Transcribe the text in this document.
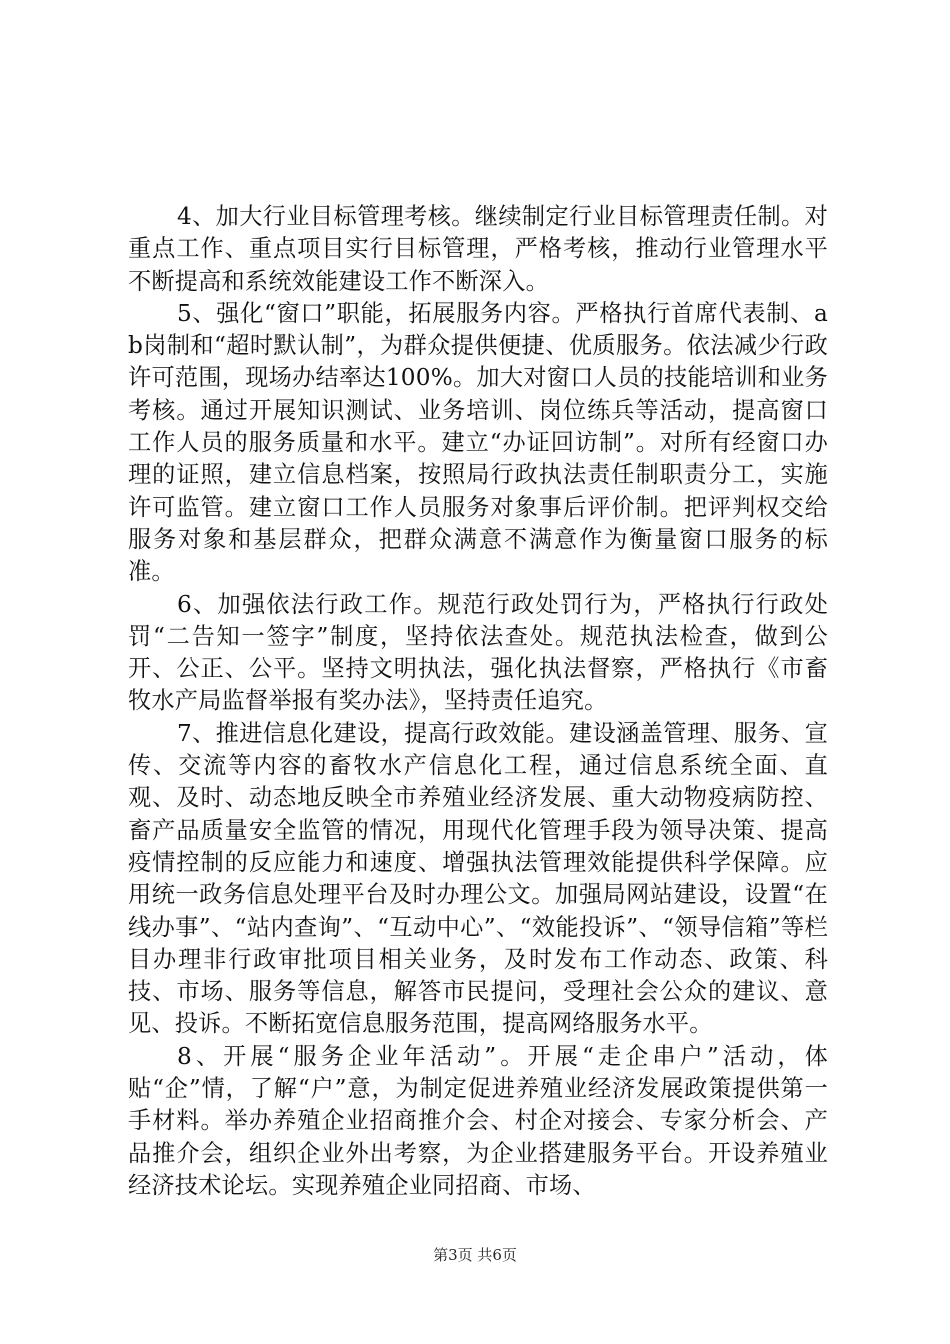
4、加大行业目标管理考核。继续制定行业目标管理责任制。对重点工作、重点项目实行目标管理，严格考核，推动行业管理水平不断提高和系统效能建设工作不断深入。

5、强化“窗口”职能，拓展服务内容。严格执行首席代表制、ab岗制和“超时默认制”，为群众提供便捷、优质服务。依法减少行政许可范围，现场办结率达100%。加大对窗口人员的技能培训和业务考核。通过开展知识测试、业务培训、岗位练兵等活动，提高窗口工作人员的服务质量和水平。建立“办证回访制”。对所有经窗口办理的证照，建立信息档案，按照局行政执法责任制职责分工，实施许可监管。建立窗口工作人员服务对象事后评价制。把评判权交给服务对象和基层群众，把群众满意不满意作为衡量窗口服务的标准。

6、加强依法行政工作。规范行政处罚行为，严格执行行政处罚“二告知一签字”制度，坚持依法查处。规范执法检查，做到公开、公正、公平。坚持文明执法，强化执法督察，严格执行《市畜牧水产局监督举报有奖办法》，坚持责任追究。

7、推进信息化建设，提高行政效能。建设涵盖管理、服务、宣传、交流等内容的畜牧水产信息化工程，通过信息系统全面、直观、及时、动态地反映全市养殖业经济发展、重大动物疫病防控、畜产品质量安全监管的情况，用现代化管理手段为领导决策、提高疫情控制的反应能力和速度、增强执法管理效能提供科学保障。应用统一政务信息处理平台及时办理公文。加强局网站建设，设置“在线办事”、“站内查询”、“互动中心”、“效能投诉”、“领导信箱”等栏目办理非行政审批项目相关业务，及时发布工作动态、政策、科技、市场、服务等信息，解答市民提问，受理社会公众的建议、意见、投诉。不断拓宽信息服务范围，提高网络服务水平。

8、开展“服务企业年活动”。开展“走企串户”活动，体贴“企”情，了解“户”意，为制定促进养殖业经济发展政策提供第一手材料。举办养殖企业招商推介会、村企对接会、专家分析会、产品推介会，组织企业外出考察，为企业搭建服务平台。开设养殖业经济技术论坛。实现养殖企业同招商、市场、

第3页 共6页
